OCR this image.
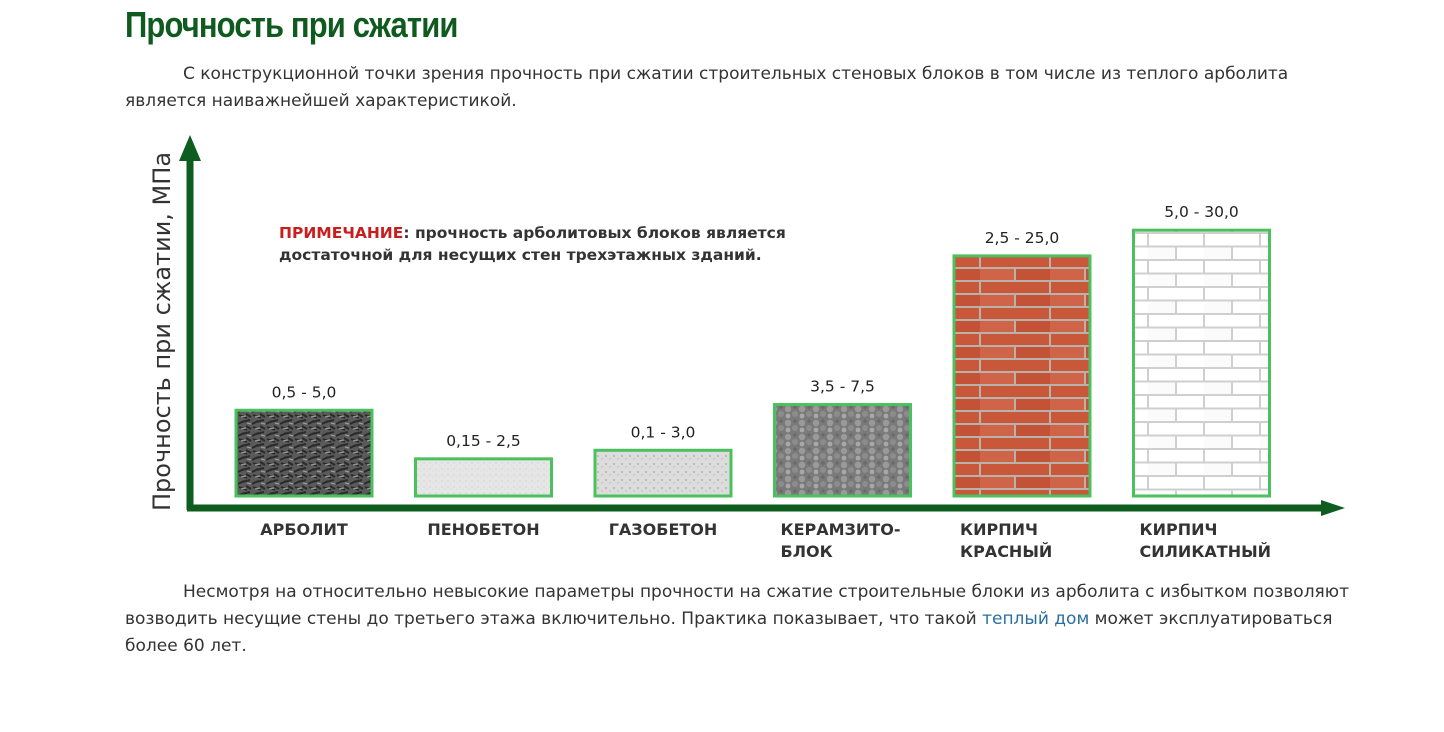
Прочность при сжатии

С конструкционной точки зрения прочность при сжатии строительных стеновых блоков в том числе из теплого арболита является наиважнейшей характеристикой.

Прочность при сжатии, МПа	ПРИМЕЧАНИЕ: прочность арболитовых блоков является
достаточной для несущих стен трехэтажных зданий.
0,5 - 5,0
АРБОЛИТ
0,15 - 2,5
ПЕНОБЕТОН
0,1 - 3,0
ГАЗОБЕТОН
3,5 - 7,5
КЕРАМЗИТО-
БЛОК
2,5 - 25,0
КИРПИЧ
КРАСНЫЙ
5,0 - 30,0
КИРПИЧ
СИЛИКАТНЫЙ

Несмотря на относительно невысокие параметры прочности на сжатие строительные блоки из арболита с избытком позволяют возводить несущие стены до третьего этажа включительно. Практика показывает, что такой теплый дом может эксплуатироваться более 60 лет.
